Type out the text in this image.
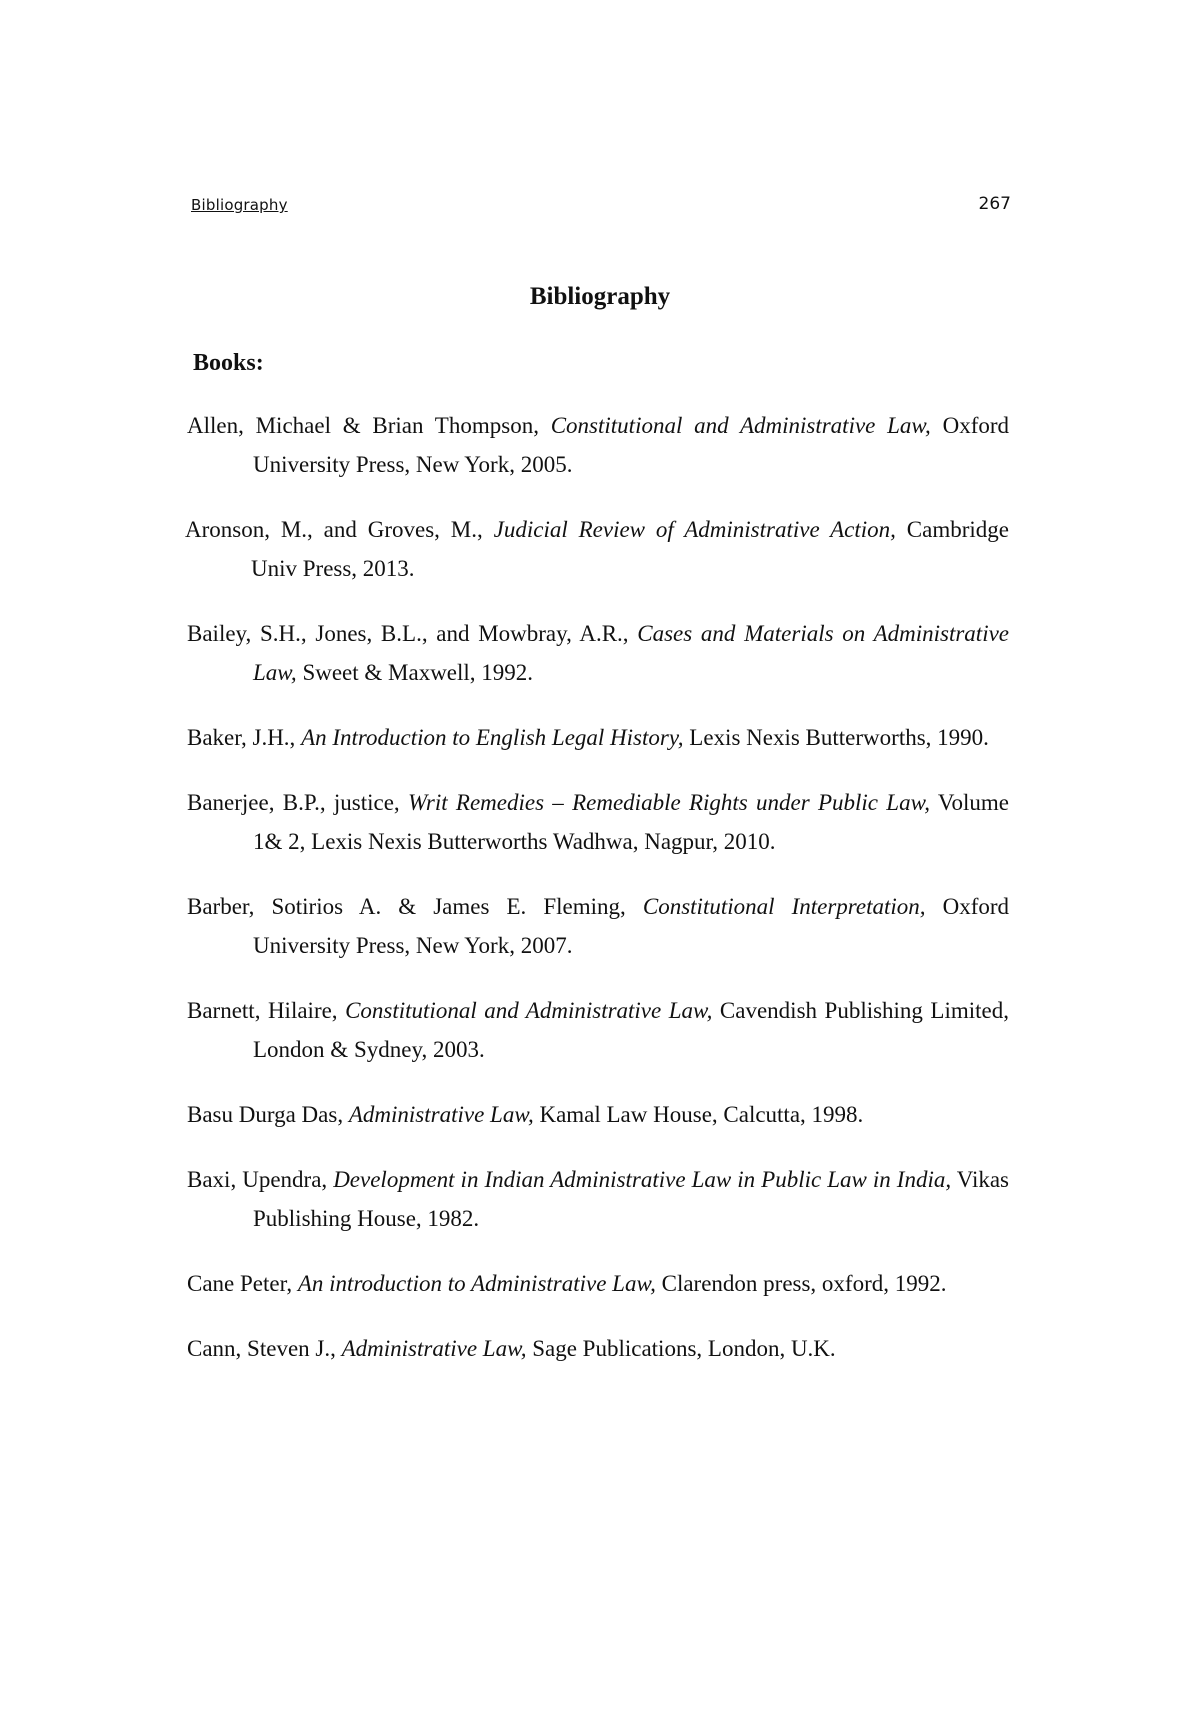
Bibliography	267
Bibliography
Books:
Allen, Michael & Brian Thompson, Constitutional and Administrative Law, Oxford University Press, New York, 2005.
Aronson, M., and Groves, M., Judicial Review of Administrative Action, Cambridge Univ Press, 2013.
Bailey, S.H., Jones, B.L., and Mowbray, A.R., Cases and Materials on Administrative Law, Sweet & Maxwell, 1992.
Baker, J.H., An Introduction to English Legal History, Lexis Nexis Butterworths, 1990.
Banerjee, B.P., justice, Writ Remedies – Remediable Rights under Public Law, Volume 1& 2, Lexis Nexis Butterworths Wadhwa, Nagpur, 2010.
Barber, Sotirios A. & James E. Fleming, Constitutional Interpretation, Oxford University Press, New York, 2007.
Barnett, Hilaire, Constitutional and Administrative Law, Cavendish Publishing Limited, London & Sydney, 2003.
Basu Durga Das, Administrative Law, Kamal Law House, Calcutta, 1998.
Baxi, Upendra, Development in Indian Administrative Law in Public Law in India, Vikas Publishing House, 1982.
Cane Peter, An introduction to Administrative Law, Clarendon press, oxford, 1992.
Cann, Steven J., Administrative Law, Sage Publications, London, U.K.
